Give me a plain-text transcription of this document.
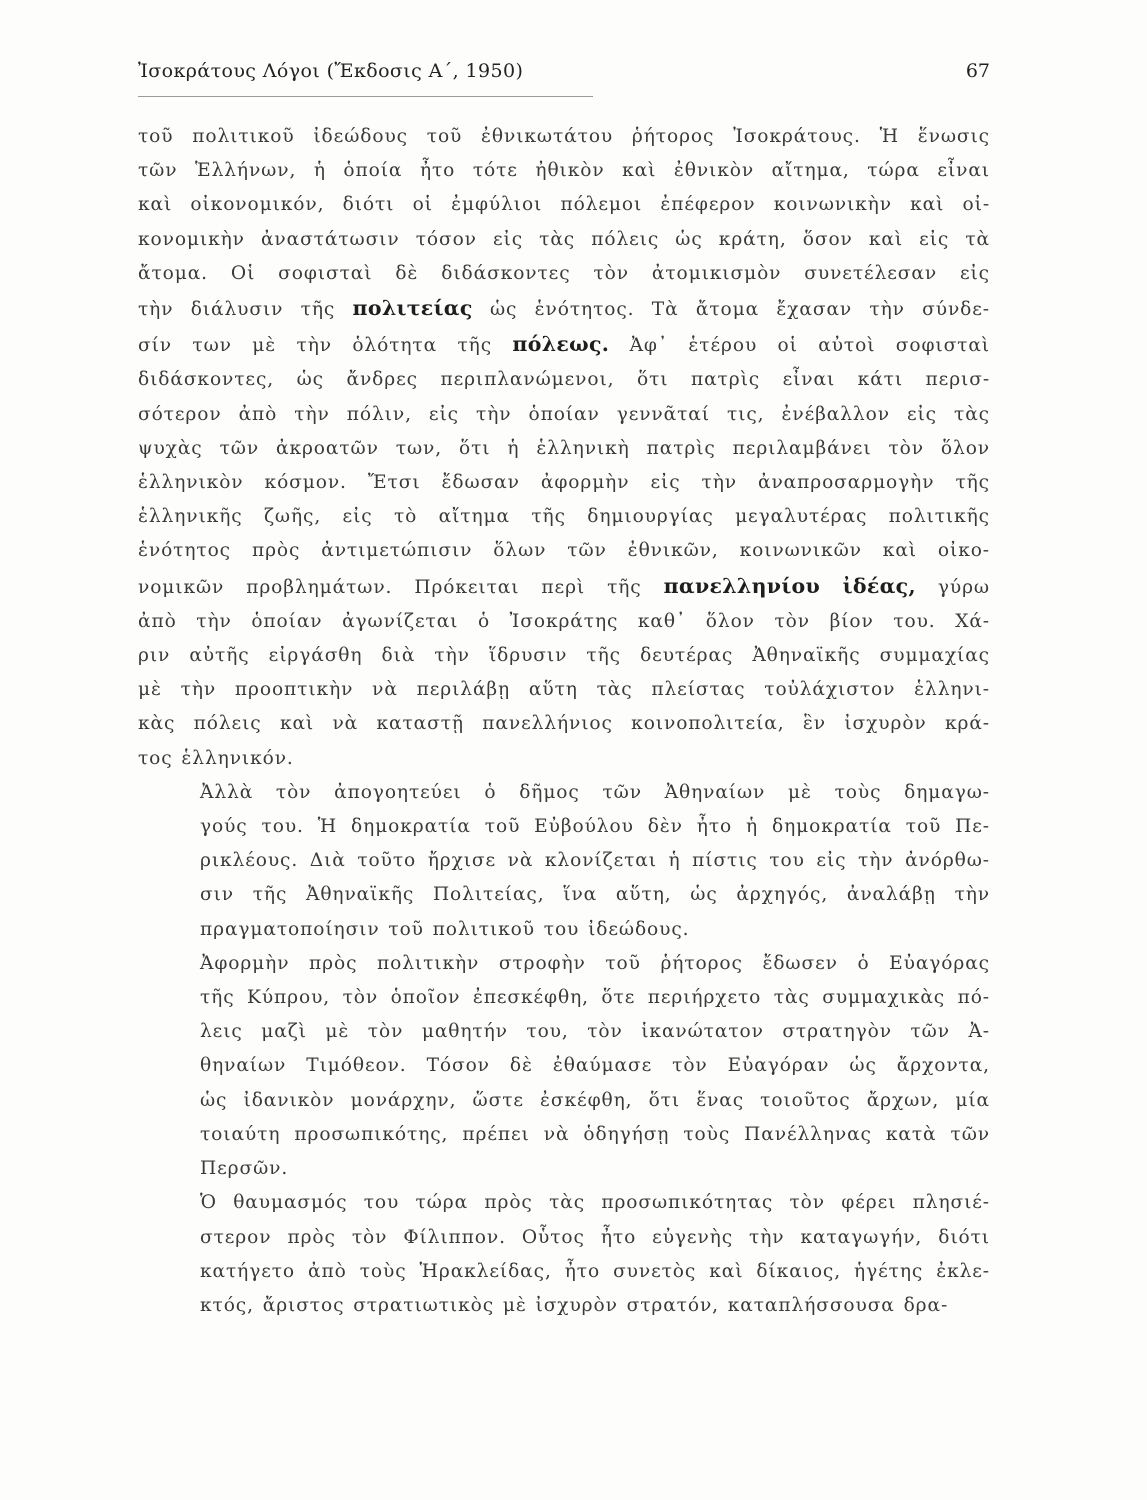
Ἰσοκράτους Λόγοι (Ἔκδοσις Α΄, 1950)	67
τοῦ πολιτικοῦ ἰδεώδους τοῦ ἐθνικωτάτου ῥήτορος Ἰσοκράτους. Ἡ ἕνωσις
τῶν Ἑλλήνων, ἡ ὁποία ἦτο τότε ἠθικὸν καὶ ἐθνικὸν αἴτημα, τώρα εἶναι
καὶ οἰκονομικόν, διότι οἱ ἐμφύλιοι πόλεμοι ἐπέφερον κοινωνικὴν καὶ οἰ-
κονομικὴν ἀναστάτωσιν τόσον εἰς τὰς πόλεις ὡς κράτη, ὅσον καὶ εἰς τὰ
ἄτομα. Οἱ σοφισταὶ δὲ διδάσκοντες τὸν ἀτομικισμὸν συνετέλεσαν εἰς
τὴν διάλυσιν τῆς πολιτείας ὡς ἑνότητος. Τὰ ἄτομα ἔχασαν τὴν σύνδε-
σίν των μὲ τὴν ὁλότητα τῆς πόλεως. Ἀφ᾽ ἑτέρου οἱ αὐτοὶ σοφισταὶ
διδάσκοντες, ὡς ἄνδρες περιπλανώμενοι, ὅτι πατρὶς εἶναι κάτι περισ-
σότερον ἀπὸ τὴν πόλιν, εἰς τὴν ὁποίαν γεννᾶταί τις, ἐνέβαλλον εἰς τὰς
ψυχὰς τῶν ἀκροατῶν των, ὅτι ἡ ἑλληνικὴ πατρὶς περιλαμβάνει τὸν ὅλον
ἑλληνικὸν κόσμον. Ἔτσι ἔδωσαν ἀφορμὴν εἰς τὴν ἀναπροσαρμογὴν τῆς
ἑλληνικῆς ζωῆς, εἰς τὸ αἴτημα τῆς δημιουργίας μεγαλυτέρας πολιτικῆς
ἑνότητος πρὸς ἀντιμετώπισιν ὅλων τῶν ἐθνικῶν, κοινωνικῶν καὶ οἰκο-
νομικῶν προβλημάτων. Πρόκειται περὶ τῆς πανελληνίου ἰδέας, γύρω
ἀπὸ τὴν ὁποίαν ἀγωνίζεται ὁ Ἰσοκράτης καθ᾽ ὅλον τὸν βίον του. Χά-
ριν αὐτῆς εἰργάσθη διὰ τὴν ἵδρυσιν τῆς δευτέρας Ἀθηναϊκῆς συμμαχίας
μὲ τὴν προοπτικὴν νὰ περιλάβῃ αὕτη τὰς πλείστας τοὐλάχιστον ἑλληνι-
κὰς πόλεις καὶ νὰ καταστῇ πανελλήνιος κοινοπολιτεία, ἓν ἰσχυρὸν κρά-
τος ἑλληνικόν.
Ἀλλὰ τὸν ἀπογοητεύει ὁ δῆμος τῶν Ἀθηναίων μὲ τοὺς δημαγω-
γούς του. Ἡ δημοκρατία τοῦ Εὐβούλου δὲν ἦτο ἡ δημοκρατία τοῦ Πε-
ρικλέους. Διὰ τοῦτο ἤρχισε νὰ κλονίζεται ἡ πίστις του εἰς τὴν ἀνόρθω-
σιν τῆς Ἀθηναϊκῆς Πολιτείας, ἵνα αὕτη, ὡς ἀρχηγός, ἀναλάβῃ τὴν
πραγματοποίησιν τοῦ πολιτικοῦ του ἰδεώδους.
Ἀφορμὴν πρὸς πολιτικὴν στροφὴν τοῦ ῥήτορος ἔδωσεν ὁ Εὐαγόρας
τῆς Κύπρου, τὸν ὁποῖον ἐπεσκέφθη, ὅτε περιήρχετο τὰς συμμαχικὰς πό-
λεις μαζὶ μὲ τὸν μαθητήν του, τὸν ἱκανώτατον στρατηγὸν τῶν Ἀ-
θηναίων Τιμόθεον. Τόσον δὲ ἐθαύμασε τὸν Εὐαγόραν ὡς ἄρχοντα,
ὡς ἰδανικὸν μονάρχην, ὥστε ἐσκέφθη, ὅτι ἕνας τοιοῦτος ἄρχων, μία
τοιαύτη προσωπικότης, πρέπει νὰ ὁδηγήσῃ τοὺς Πανέλληνας κατὰ τῶν
Περσῶν.
Ὁ θαυμασμός του τώρα πρὸς τὰς προσωπικότητας τὸν φέρει πλησιέ-
στερον πρὸς τὸν Φίλιππον. Οὗτος ἦτο εὐγενὴς τὴν καταγωγήν, διότι
κατήγετο ἀπὸ τοὺς Ἡρακλείδας, ἦτο συνετὸς καὶ δίκαιος, ἡγέτης ἐκλε-
κτός, ἄριστος στρατιωτικὸς μὲ ἰσχυρὸν στρατόν, καταπλήσσουσα δρα-
